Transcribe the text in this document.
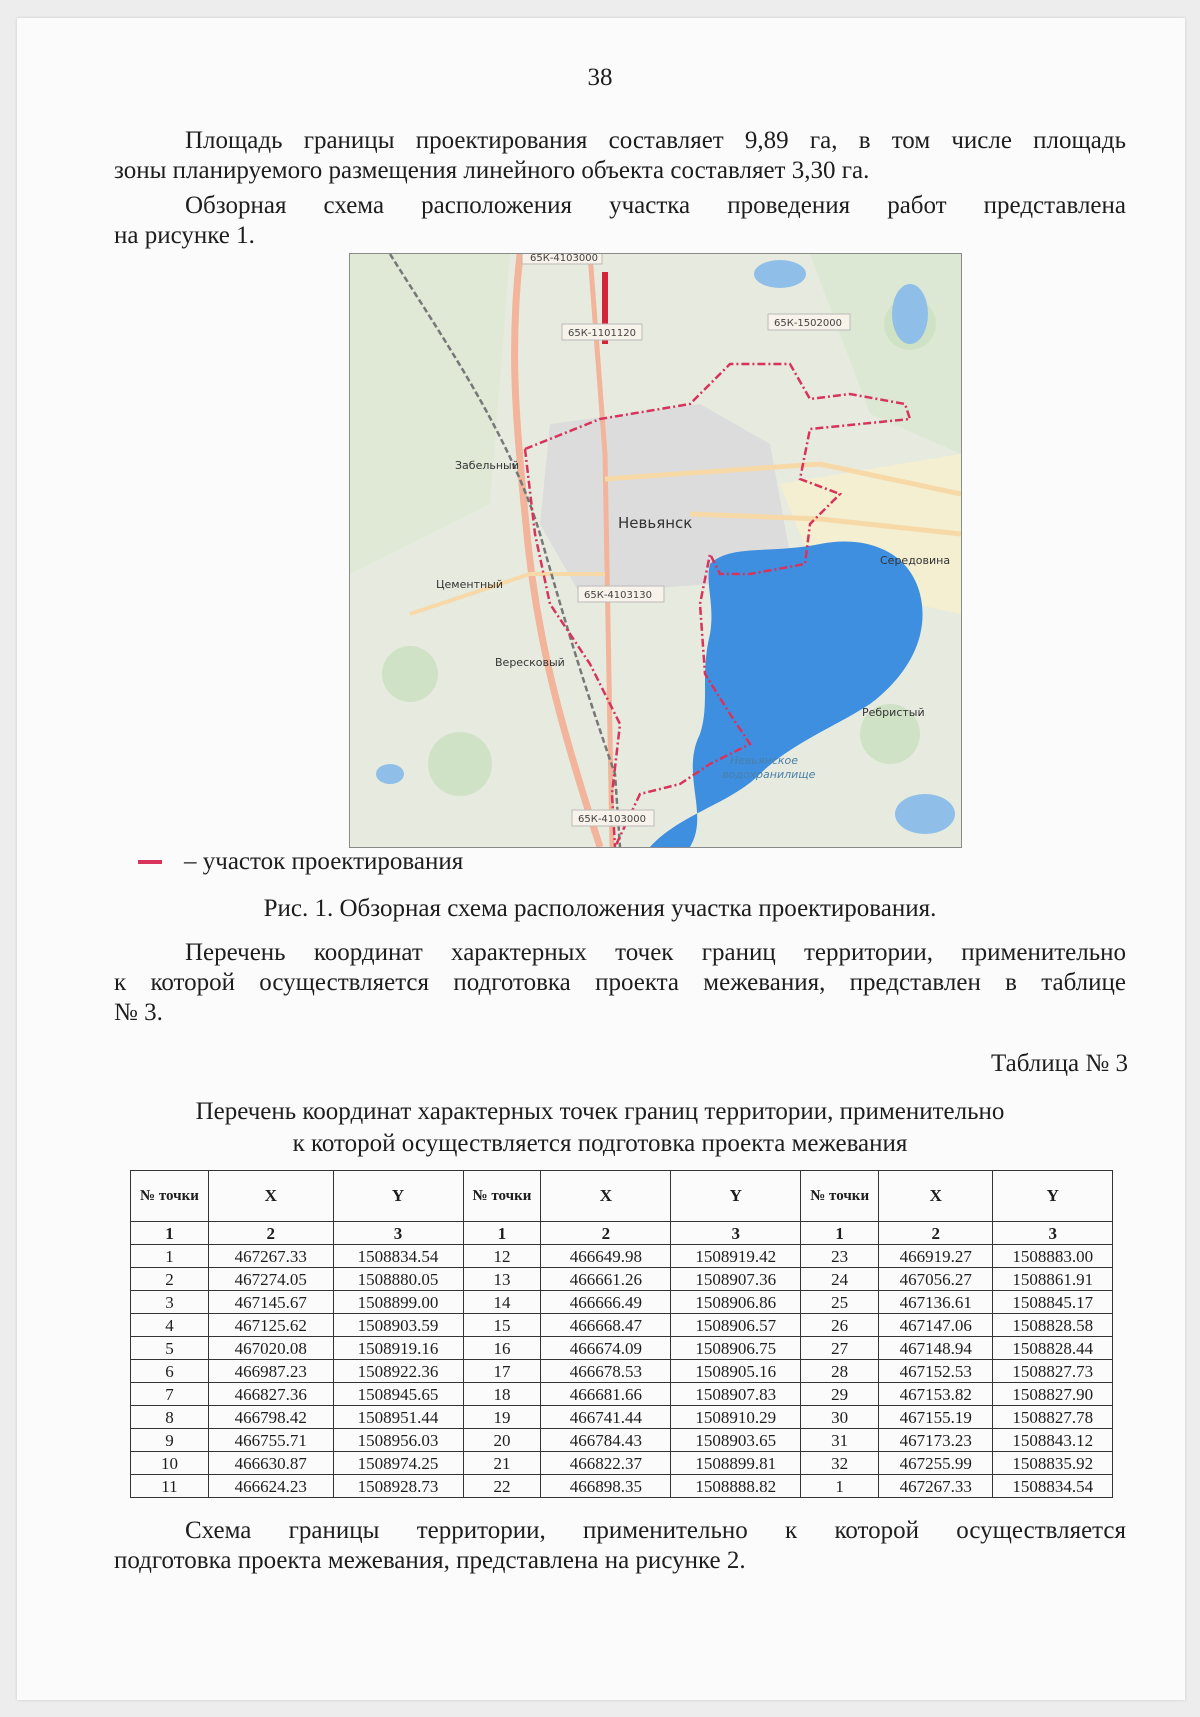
38

Площадь границы проектирования составляет 9,89 га, в том числе площадь
зоны планируемого размещения линейного объекта составляет 3,30 га.

Обзорная схема расположения участка проведения работ представлена
на рисунке 1.

65К-4103000
65К-1101120
65К-1502000
65К-4103130
65К-4103000
Забельный
Невьянск
Цементный
Вересковый
Середовина
Ребристый
Невьянское
водохранилище
– участок проектирования
Рис. 1. Обзорная схема расположения участка проектирования.

Перечень координат характерных точек границ территории, применительно
к которой осуществляется подготовка проекта межевания, представлен в таблице
№ 3.

Таблица № 3
Перечень координат характерных точек границ территории, применительно
к которой осуществляется подготовка проекта межевания
№ точки	X	Y	№ точки	X	Y	№ точки	X	Y
1	2	3	1	2	3	1	2	3
1	467267.33	1508834.54	12	466649.98	1508919.42	23	466919.27	1508883.00
2	467274.05	1508880.05	13	466661.26	1508907.36	24	467056.27	1508861.91
3	467145.67	1508899.00	14	466666.49	1508906.86	25	467136.61	1508845.17
4	467125.62	1508903.59	15	466668.47	1508906.57	26	467147.06	1508828.58
5	467020.08	1508919.16	16	466674.09	1508906.75	27	467148.94	1508828.44
6	466987.23	1508922.36	17	466678.53	1508905.16	28	467152.53	1508827.73
7	466827.36	1508945.65	18	466681.66	1508907.83	29	467153.82	1508827.90
8	466798.42	1508951.44	19	466741.44	1508910.29	30	467155.19	1508827.78
9	466755.71	1508956.03	20	466784.43	1508903.65	31	467173.23	1508843.12
10	466630.87	1508974.25	21	466822.37	1508899.81	32	467255.99	1508835.92
11	466624.23	1508928.73	22	466898.35	1508888.82	1	467267.33	1508834.54

Схема границы территории, применительно к которой осуществляется
подготовка проекта межевания, представлена на рисунке 2.
